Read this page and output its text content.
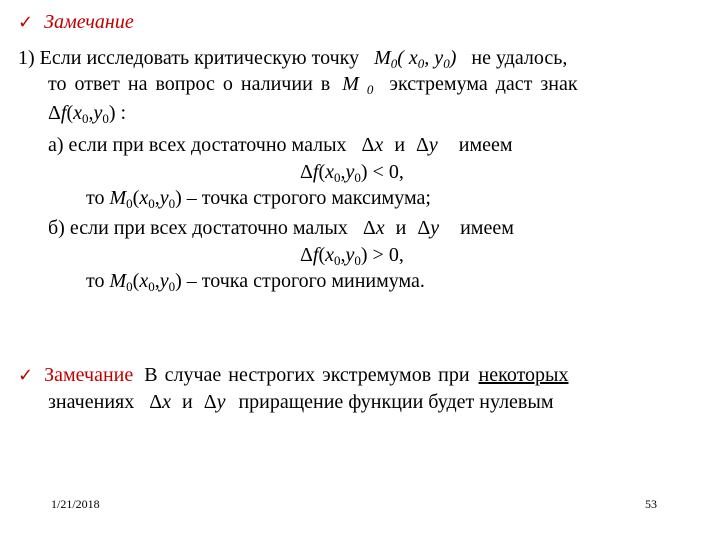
✓ Замечание
1) Если исследовать критическую точку $M_0$( $x_0$, $y_0$) не удалось,
то ответ на вопрос о наличии в M $_0$ экстремума даст знак
$\Delta f(x_0,y_0)$ :
а) если при всех достаточно малых Δx и Δy имеем
$\Delta f(x_0,y_0) < 0$,
то $M_0(x_0,y_0)$ – точка строгого максимума;
б) если при всех достаточно малых Δx и Δy имеем
$\Delta f(x_0,y_0) > 0$,
то $M_0(x_0,y_0)$ – точка строгого минимума.
✓ Замечание В случае нестрогих экстремумов при некоторых
значениях Δx и Δy приращение функции будет нулевым
1/21/2018	53
